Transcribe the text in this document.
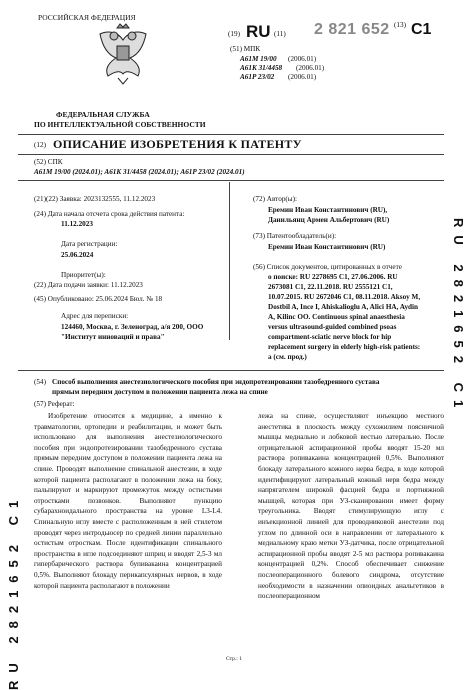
РОССИЙСКАЯ ФЕДЕРАЦИЯ
ФЕДЕРАЛЬНАЯ СЛУЖБА
ПО ИНТЕЛЛЕКТУАЛЬНОЙ СОБСТВЕННОСТИ
(19) RU (11) 2 821 652 (13) C1
(51) МПК
A61M 19/00 (2006.01)
A61K 31/4458 (2006.01)
A61P 23/02 (2006.01)
(12) ОПИСАНИЕ ИЗОБРЕТЕНИЯ К ПАТЕНТУ
(52) СПК
A61M 19/00 (2024.01); A61K 31/4458 (2024.01); A61P 23/02 (2024.01)
(21)(22) Заявка: 2023132555, 11.12.2023
(24) Дата начала отсчета срока действия патента:
11.12.2023
Дата регистрации:
25.06.2024
Приоритет(ы):
(22) Дата подачи заявки: 11.12.2023
(45) Опубликовано: 25.06.2024 Бюл. № 18
Адрес для переписки:
124460, Москва, г. Зеленоград, а/я 200, ООО
"Институт инноваций и права"
(72) Автор(ы):
Еремин Иван Константинович (RU),
Данильянц Армен Альбертович (RU)
(73) Патентообладатель(и):
Еремин Иван Константинович (RU)
(56) Список документов, цитированных в отчете
о поиске: RU 2278695 C1, 27.06.2006. RU
2673081 C1, 22.11.2018. RU 2555121 C1,
10.07.2015. RU 2672046 C1, 08.11.2018. Aksoy M,
Dostbil A, Ince I, Ahiskalioglu A, Alici HA, Aydin
A, Kilinc OO. Continuous spinal anaesthesia
versus ultrasound-guided combined psoas
compartment-sciatic nerve block for hip
replacement surgery in elderly high-risk patients:
a (см. прод.)
(54) Способ выполнения анестезиологического пособия при эндопротезировании тазобедренного сустава
прямым передним доступом в положении пациента лежа на спине
(57) Реферат:
Изобретение относится к медицине, а именно к травматологии, ортопедии и реабилитации, и может быть использовано для выполнения анестезиологического пособия при эндопротезировании тазобедренного сустава прямым передним доступом в положении пациента лежа на спине. Проводят выполнение спинальной анестезии, в ходе которой пациента располагают в положении лежа на боку, пальпируют и маркируют промежуток между остистыми отростками позвонков. Выполняют пункцию субарахноидального пространства на уровне L3-L4. Спинальную иглу вместе с расположенным в ней стилетом проводят через интродьюсер по средней линии параллельно остистым отросткам. После идентификации спинального пространства в игле подсоединяют шприц и вводят 2,5-3 мл гипербарического раствора бупивакаина концентрацией 0,5%. Выполняют блокаду перикапсулярных нервов, в ходе которой пациента располагают в положении
лежа на спине, осуществляют инъекцию местного анестетика в плоскость между сухожилием поясничной мышцы медиально и лобковой вестью латерально. После отрицательной аспирационной пробы вводят 15-20 мл раствора ропивакаина концентрацией 0,5%. Выполняют блокаду латерального кожного нерва бедра, в ходе которой идентифицируют латеральный кожный нерв бедра между напрягателем широкой фасцией бедра и портняжной мышцей, которая при УЗ-сканировании имеет форму треугольника. Вводят стимулирующую иглу с инъекционной линией для проводниковой анестезии под углом по длинной оси в направлении от латерального к медиальному краю метки УЗ-датчика, после отрицательной аспирационной пробы вводят 2-5 мл раствора ропивакаина концентрацией 0,2%. Способ обеспечивает снижение послеоперационного болевого синдрома, отсутствие необходимости в назначении опиоидных анальгетиков в послеоперационном
RU 2821652 C1
RU 2821652 C1	Стр.: 1
